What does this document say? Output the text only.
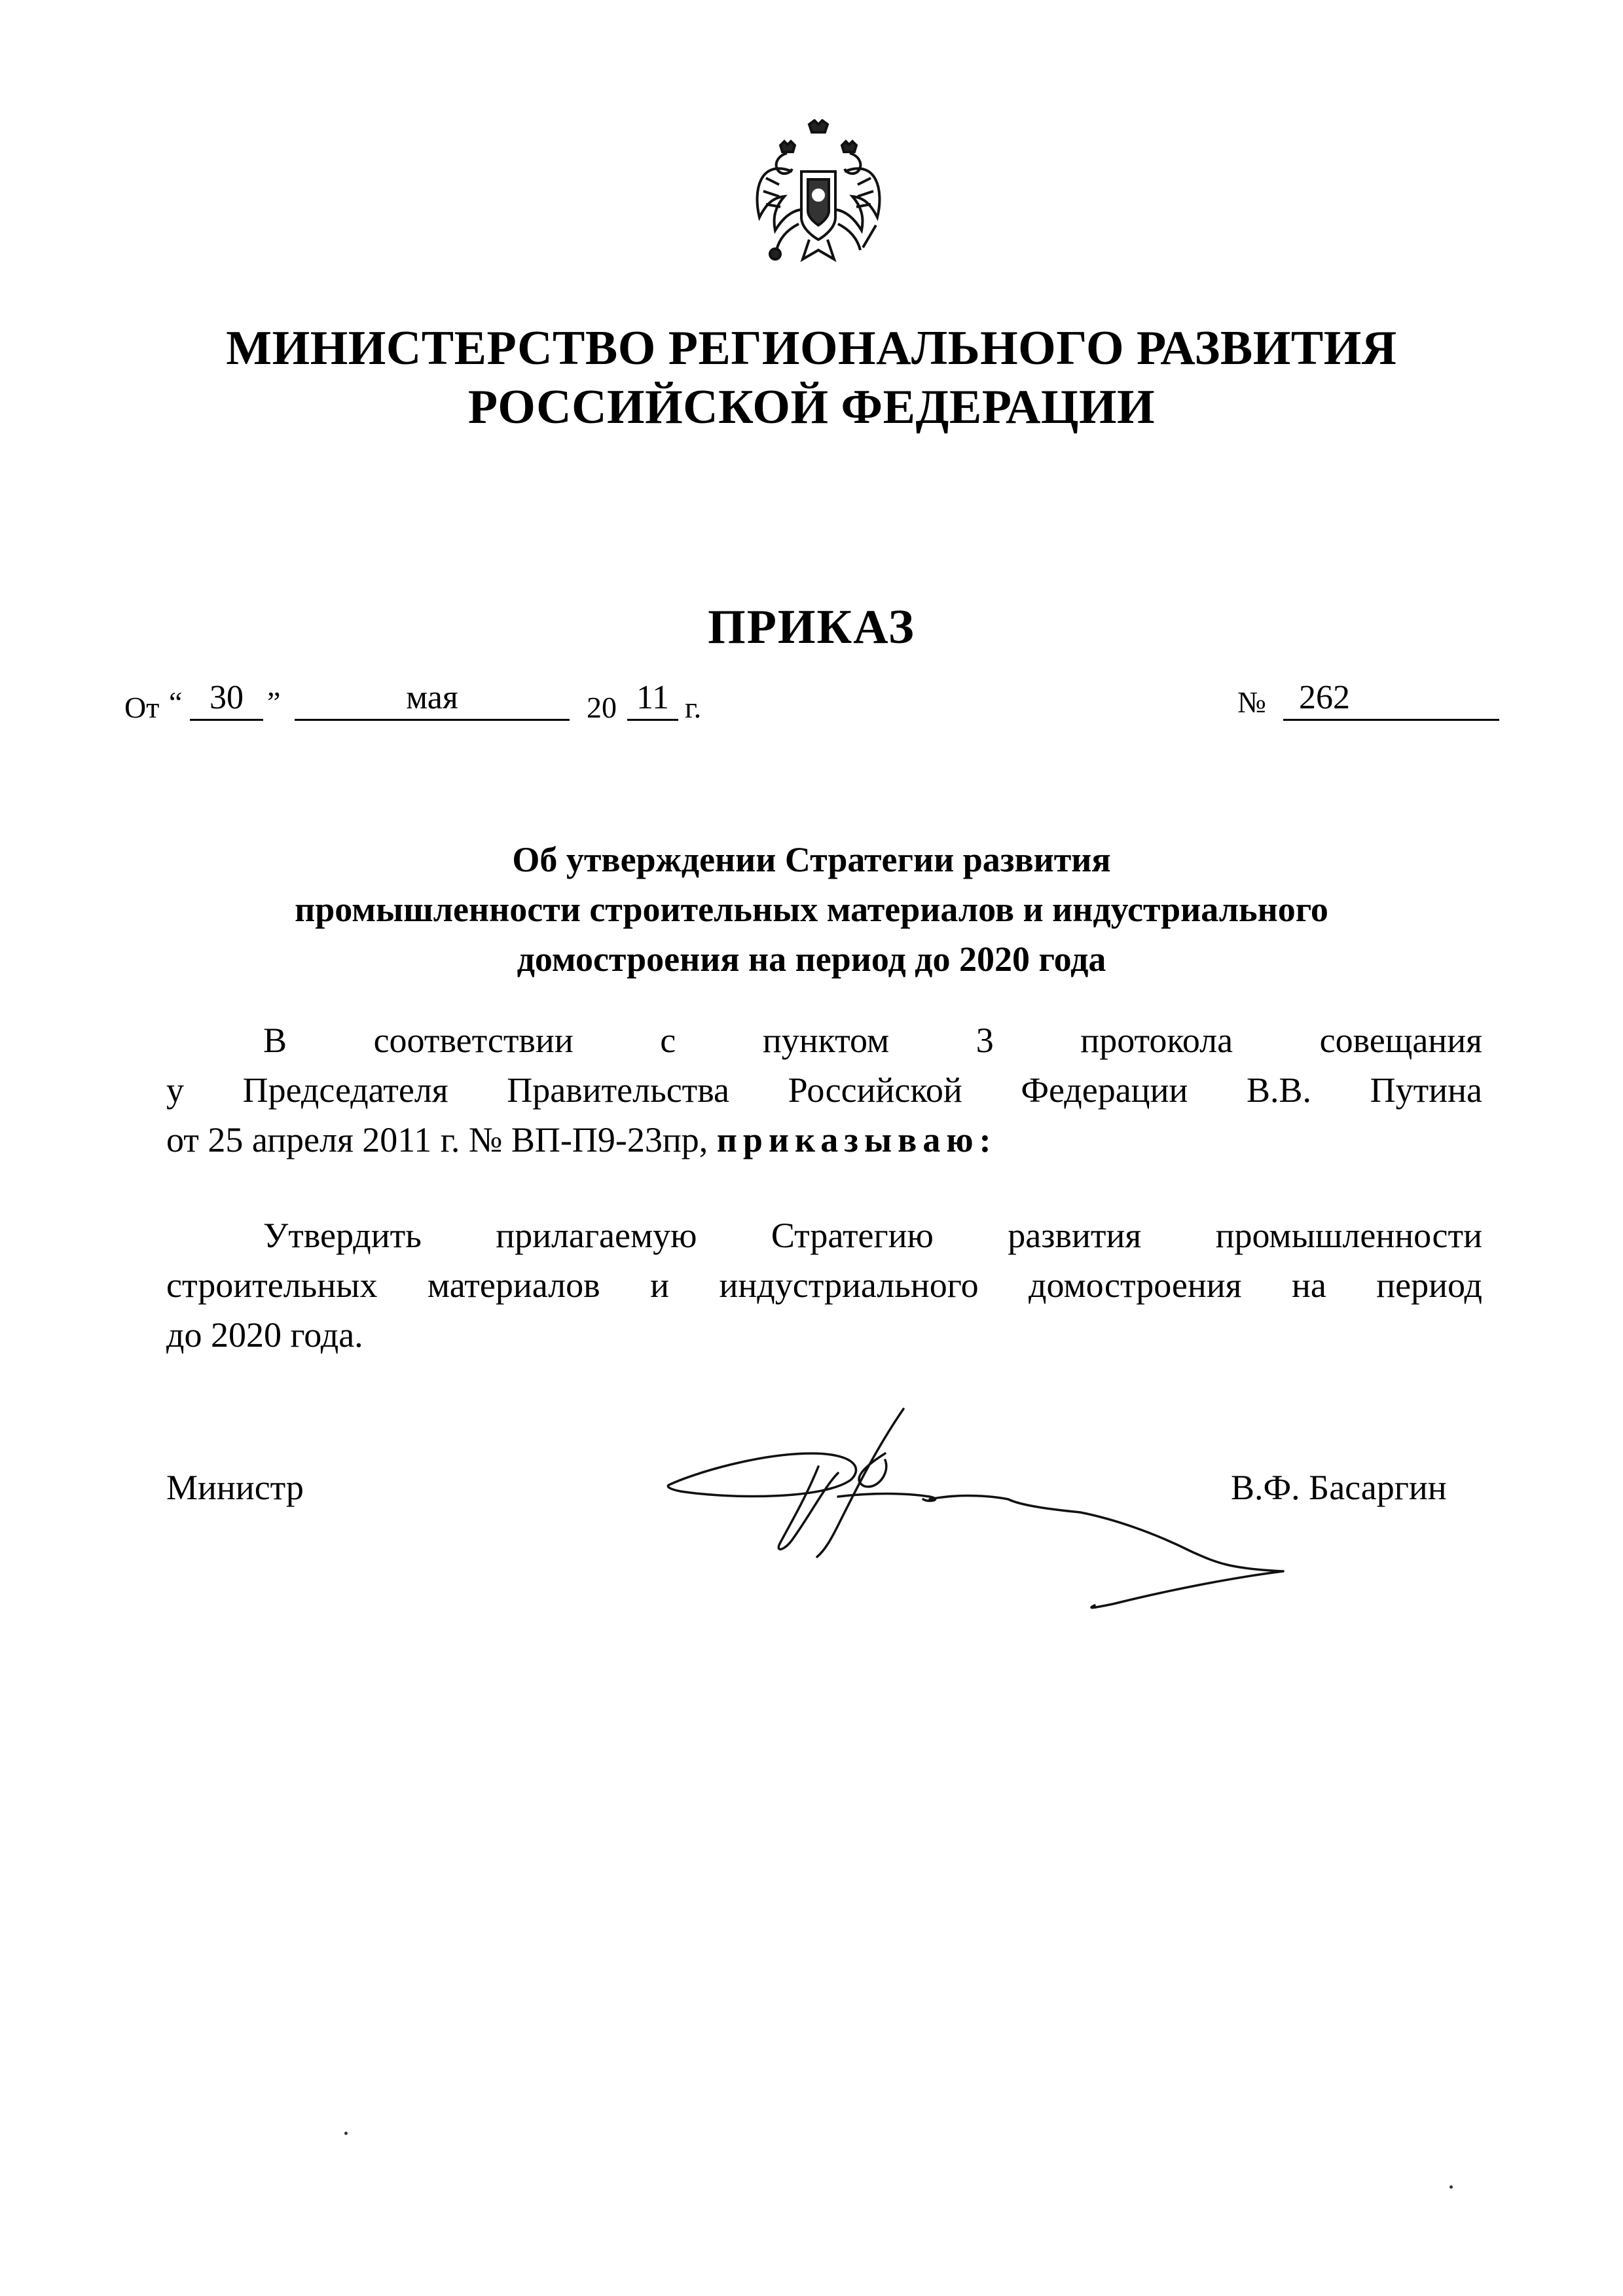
МИНИСТЕРСТВО РЕГИОНАЛЬНОГО РАЗВИТИЯ
РОССИЙСКОЙ ФЕДЕРАЦИИ
ПРИКАЗ
От “ 30 ”	мая	20 11 г.	№ 262
Об утверждении Стратегии развития
промышленности строительных материалов и индустриального
домостроения на период до 2020 года
В соответствии с пунктом 3 протокола совещания
у Председателя Правительства Российской Федерации В.В. Путина
от 25 апреля 2011 г. № ВП-П9-23пр, приказываю:
Утвердить прилагаемую Стратегию развития промышленности
строительных материалов и индустриального домостроения на период
до 2020 года.
Министр	В.Ф. Басаргин
